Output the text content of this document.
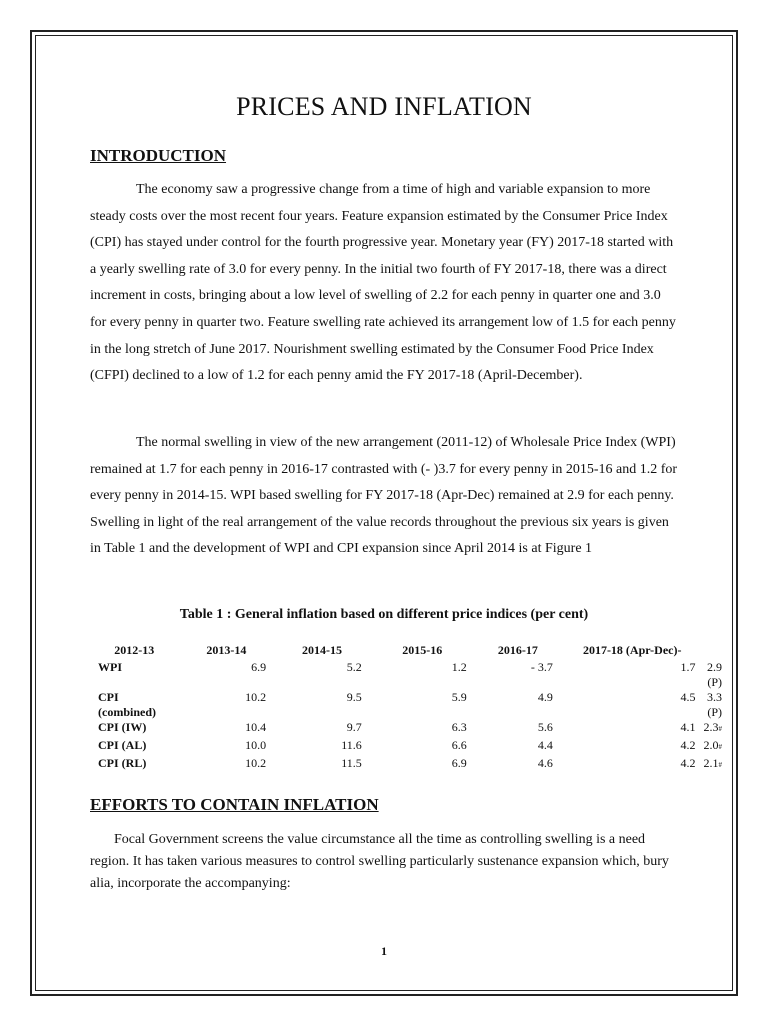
PRICES AND INFLATION
INTRODUCTION

The economy saw a progressive change from a time of high and variable expansion to more steady costs over the most recent four years. Feature expansion estimated by the Consumer Price Index (CPI) has stayed under control for the fourth progressive year. Monetary year (FY) 2017-18 started with a yearly swelling rate of 3.0 for every penny. In the initial two fourth of FY 2017-18, there was a direct increment in costs, bringing about a low level of swelling of 2.2 for each penny in quarter one and 3.0 for every penny in quarter two. Feature swelling rate achieved its arrangement low of 1.5 for each penny in the long stretch of June 2017. Nourishment swelling estimated by the Consumer Food Price Index (CFPI) declined to a low of 1.2 for each penny amid the FY 2017-18 (April-December).

The normal swelling in view of the new arrangement (2011-12) of Wholesale Price Index (WPI) remained at 1.7 for each penny in 2016-17 contrasted with (- )3.7 for every penny in 2015-16 and 1.2 for every penny in 2014-15. WPI based swelling for FY 2017-18 (Apr-Dec) remained at 2.9 for each penny. Swelling in light of the real arrangement of the value records throughout the previous six years is given in Table 1 and the development of WPI and CPI expansion since April 2014 is at Figure 1

Table 1 : General inflation based on different price indices (per cent)
2012-13	2013-14	2014-15	2015-16	2016-17	2017-18 (Apr-Dec)-	
WPI	6.9	5.2	1.2	- 3.7	1.7	2.9 (P)
CPI
(combined)	10.2	9.5	5.9	4.9	4.5	3.3 (P)
CPI (IW)	10.4	9.7	6.3	5.6	4.1	2.3#
CPI (AL)	10.0	11.6	6.6	4.4	4.2	2.0#
CPI (RL)	10.2	11.5	6.9	4.6	4.2	2.1#
EFFORTS TO CONTAIN INFLATION

Focal Government screens the value circumstance all the time as controlling swelling is a need region. It has taken various measures to control swelling particularly sustenance expansion which, bury alia, incorporate the accompanying:

1
